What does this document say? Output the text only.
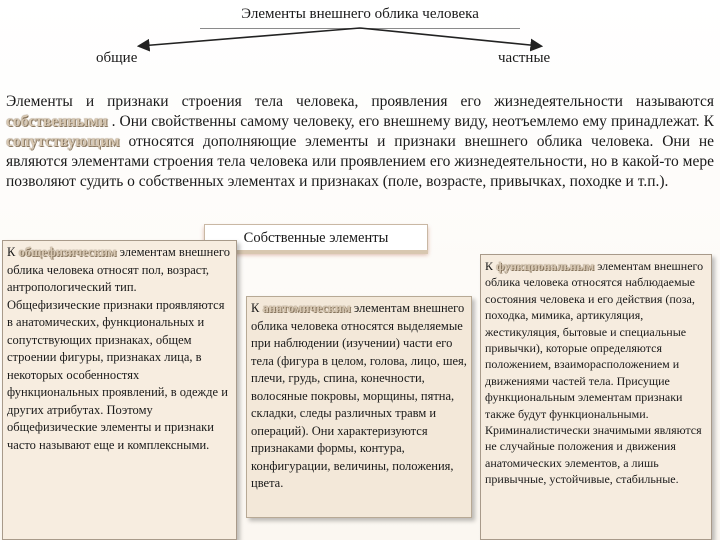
Элементы внешнего облика человека
общие	частные
Элементы и признаки строения тела человека, проявления его жизнедеятельности называются собственными . Они свойственны самому человеку, его внешнему виду, неотъемлемо ему принадлежат. К сопутствующим относятся дополняющие элементы и признаки внешнего облика человека. Они не являются элементами строения тела человека или проявлением его жизнедеятельности, но в какой-то мере позволяют судить о собственных элементах и признаках (поле, возрасте, привычках, походке и т.п.).
Собственные элементы

К общефизическим элементам внешнего облика человека относят пол, возраст, антропологический тип. Общефизические признаки проявляются в анатомических, функциональных и сопутствующих признаках, общем строении фигуры, признаках лица, в некоторых особенностях функциональных проявлений, в одежде и других атрибутах. Поэтому общефизические элементы и признаки часто называют еще и комплексными.

К анатомическим элементам внешнего облика человека относятся выделяемые при наблюдении (изучении) части его тела (фигура в целом, голова, лицо, шея, плечи, грудь, спина, конечности, волосяные покровы, морщины, пятна, складки, следы различных травм и операций). Они характеризуются признаками формы, контура, конфигурации, величины, положения, цвета.

К функциональным элементам внешнего облика человека относятся наблюдаемые состояния человека и его действия (поза, походка, мимика, артикуляция, жестикуляция, бытовые и специальные привычки), которые определяются положением, взаиморасположением и движениями частей тела. Присущие функциональным элементам признаки также будут функциональными. Криминалистически значимыми являются не случайные положения и движения анатомических элементов, а лишь привычные, устойчивые, стабильные.
